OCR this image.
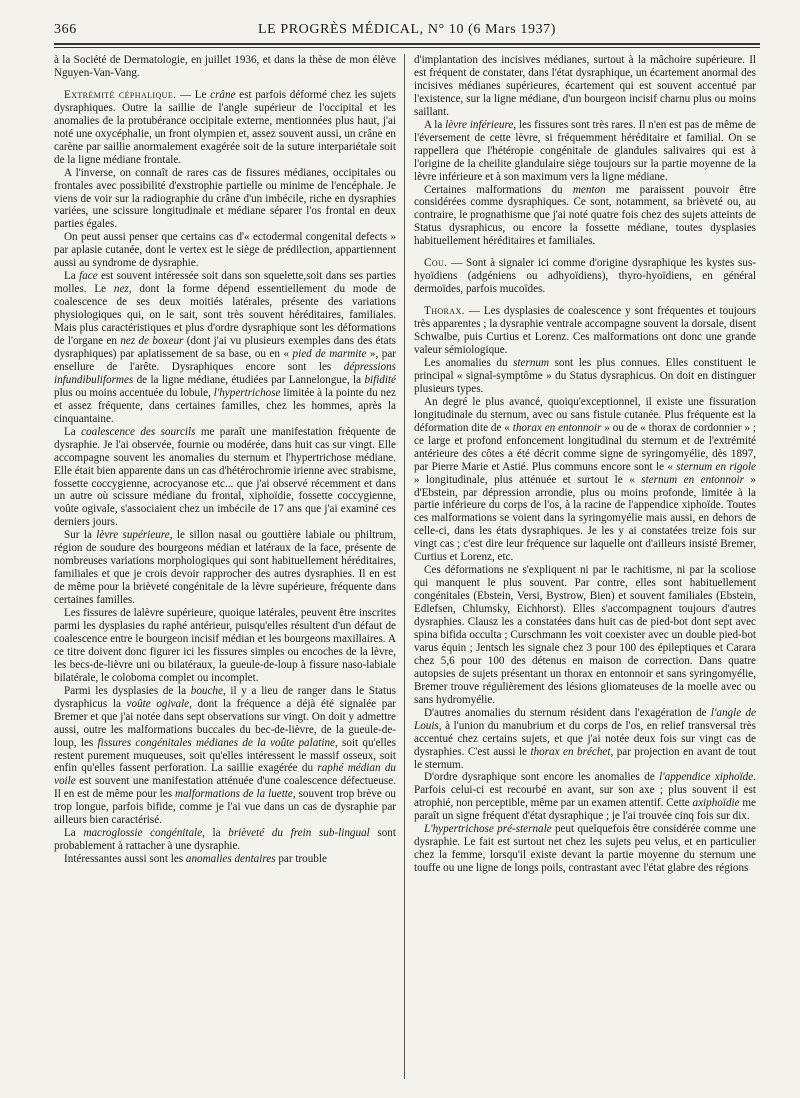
366	LE PROGRÈS MÉDICAL, N° 10 (6 Mars 1937)

à la Société de Dermatologie, en juillet 1936, et dans la thèse de mon élève Nguyen-Van-Vang.

Extrémité céphalique. — Le crâne est parfois déformé chez les sujets dysraphiques. Outre la saillie de l'angle supérieur de l'occipital et les anomalies de la protubérance occipitale externe, mentionnées plus haut, j'ai noté une oxycéphalie, un front olympien et, assez souvent aussi, un crâne en carène par saillie anormalement exagérée soit de la suture interpariétale soit de la ligne médiane frontale.

A l'inverse, on connaît de rares cas de fissures médianes, occipitales ou frontales avec possibilité d'exstrophie partielle ou minime de l'encéphale. Je viens de voir sur la radiographie du crâne d'un imbécile, riche en dysraphies variées, une scissure longitudinale et médiane séparer l'os frontal en deux parties égales.

On peut aussi penser que certains cas d'« ectodermal congenital defects » par aplasie cutanée, dont le vertex est le siège de prédilection, appartiennent aussi au syndrome de dysraphie.

La face est souvent intéressée soit dans son squelette,soit dans ses parties molles. Le nez, dont la forme dépend essentiellement du mode de coalescence de ses deux moitiés latérales, présente des variations physiologiques qui, on le sait, sont très souvent héréditaires, familiales. Mais plus caractéristiques et plus d'ordre dysraphique sont les déformations de l'organe en nez de boxeur (dont j'ai vu plusieurs exemples dans des états dysraphiques) par aplatissement de sa base, ou en « pied de marmite », par ensellure de l'arête. Dysraphiques encore sont les dépressions infundibuliformes de la ligne médiane, étudiées par Lannelongue, la bifidité plus ou moins accentuée du lobule, l'hypertrichose limitée à la pointe du nez et assez fréquente, dans certaines familles, chez les hommes, après la cinquantaine.

La coalescence des sourcils me paraît une manifestation fréquente de dysraphie. Je l'ai observée, fournie ou modérée, dans huit cas sur vingt. Elle accompagne souvent les anomalies du sternum et l'hypertrichose médiane. Elle était bien apparente dans un cas d'hétérochromie irienne avec strabisme, fossette coccygienne, acrocyanose etc... que j'ai observé récemment et dans un autre où scissure médiane du frontal, xiphoïdie, fossette coccygienne, voûte ogivale, s'associaient chez un imbécile de 17 ans que j'ai examiné ces derniers jours.

Sur la lèvre supérieure, le sillon nasal ou gouttière labiale ou philtrum, région de soudure des bourgeons médian et latéraux de la face, présente de nombreuses variations morphologiques qui sont habituellement héréditaires, familiales et que je crois devoir rapprocher des autres dysraphies. Il en est de même pour la brièveté congénitale de la lèvre supérieure, fréquente dans certaines familles.

Les fissures de lalèvre supérieure, quoique latérales, peuvent être inscrites parmi les dysplasies du raphé antérieur, puisqu'elles résultent d'un défaut de coalescence entre le bourgeon incisif médian et les bourgeons maxillaires. A ce titre doivent donc figurer ici les fissures simples ou encoches de la lèvre, les becs-de-lièvre uni ou bilatéraux, la gueule-de-loup à fissure naso-labiale bilatérale, le coloboma complet ou incomplet.

Parmi les dysplasies de la bouche, il y a lieu de ranger dans le Status dysraphicus la voûte ogivale, dont la fréquence a déjà été signalée par Bremer et que j'ai notée dans sept observations sur vingt. On doit y admettre aussi, outre les malformations buccales du bec-de-lièvre, de la gueule-de-loup, les fissures congénitales médianes de la voûte palatine, soit qu'elles restent purement muqueuses, soit qu'elles intéressent le massif osseux, soit enfin qu'elles fassent perforation. La saillie exagérée du raphé médian du voile est souvent une manifestation atténuée d'une coalescence défectueuse. Il en est de même pour les malformations de la luette, souvent trop brève ou trop longue, parfois bifide, comme je l'ai vue dans un cas de dysraphie par ailleurs bien caractérisé.

La macroglossie congénitale, la brièveté du frein sub-lingual sont probablement à rattacher à une dysraphie.

Intéressantes aussi sont les anomalies dentaires par trouble

d'implantation des incisives médianes, surtout à la mâchoire supérieure. Il est fréquent de constater, dans l'état dysraphique, un écartement anormal des incisives médianes supérieures, écartement qui est souvent accentué par l'existence, sur la ligne médiane, d'un bourgeon incisif charnu plus ou moins saillant.

A la lèvre inférieure, les fissures sont très rares. Il n'en est pas de même de l'éversement de cette lèvre, si fréquemment héréditaire et familial. On se rappellera que l'hétéropie congénitale de glandules salivaires qui est à l'origine de la cheilite glandulaire siège toujours sur la partie moyenne de la lèvre inférieure et à son maximum vers la ligne médiane.

Certaines malformations du menton me paraissent pouvoir être considérées comme dysraphiques. Ce sont, notamment, sa brièveté ou, au contraire, le prognathisme que j'ai noté quatre fois chez des sujets atteints de Status dysraphicus, ou encore la fossette médiane, toutes dysplasies habituellement héréditaires et familiales.

Cou. — Sont à signaler ici comme d'origine dysraphique les kystes sus-hyoïdiens (adgéniens ou adhyoïdiens), thyro-hyoïdiens, en général dermoïdes, parfois mucoïdes.

Thorax. — Les dysplasies de coalescence y sont fréquentes et toujours très apparentes ; la dysraphie ventrale accompagne souvent la dorsale, disent Schwalbe, puis Curtius et Lorenz. Ces malformations ont donc une grande valeur sémiologique.

Les anomalies du sternum sont les plus connues. Elles constituent le principal « signal-symptôme » du Status dysraphicus. On doit en distinguer plusieurs types.

An degré le plus avancé, quoiqu'exceptionnel, il existe une fissuration longitudinale du sternum, avec ou sans fistule cutanée. Plus fréquente est la déformation dite de « thorax en entonnoir » ou de « thorax de cordonnier » ; ce large et profond enfoncement longitudinal du sternum et de l'extrémité antérieure des côtes a été décrit comme signe de syringomyélie, dès 1897, par Pierre Marie et Astié. Plus communs encore sont le « sternum en rigole » longitudinale, plus atténuée et surtout le « sternum en entonnoir » d'Ebstein, par dépression arrondie, plus ou moins profonde, limitée à la partie inférieure du corps de l'os, à la racine de l'appendice xiphoïde. Toutes ces malformations se voient dans la syringomyélie mais aussi, en dehors de celle-ci, dans les états dysraphiques. Je les y ai constatées treize fois sur vingt cas ; c'est dire leur fréquence sur laquelle ont d'ailleurs insisté Bremer, Curtius et Lorenz, etc.

Ces déformations ne s'expliquent ni par le rachitisme, ni par la scoliose qui manquent le plus souvent. Par contre, elles sont habituellement congénitales (Ebstein, Versi, Bystrow, Bien) et souvent familiales (Ebstein, Edlefsen, Chlumsky, Eichhorst). Elles s'accompagnent toujours d'autres dysraphies. Clausz les a constatées dans huit cas de pied-bot dont sept avec spina bifida occulta ; Curschmann les voit coexister avec un double pied-bot varus équin ; Jentsch les signale chez 3 pour 100 des épileptiques et Carara chez 5,6 pour 100 des détenus en maison de correction. Dans quatre autopsies de sujets présentant un thorax en entonnoir et sans syringomyélie, Bremer trouve régulièrement des lésions gliomateuses de la moelle avec ou sans hydromyélie.

D'autres anomalies du sternum résident dans l'exagération de l'angle de Louis, à l'union du manubrium et du corps de l'os, en relief transversal très accentué chez certains sujets, et que j'ai notée deux fois sur vingt cas de dysraphies. C'est aussi le thorax en bréchet, par projection en avant de tout le sternum.

D'ordre dysraphique sont encore les anomalies de l'appendice xiphoïde. Parfois celui-ci est recourbé en avant, sur son axe ; plus souvent il est atrophié, non perceptible, même par un examen attentif. Cette axiphoïdie me paraît un signe fréquent d'état dysraphique ; je l'ai trouvée cinq fois sur dix.

L'hypertrichose pré-sternale peut quelquefois être considérée comme une dysraphie. Le fait est surtout net chez les sujets peu velus, et en particulier chez la femme, lorsqu'il existe devant la partie moyenne du sternum une touffe ou une ligne de longs poils, contrastant avec l'état glabre des régions
